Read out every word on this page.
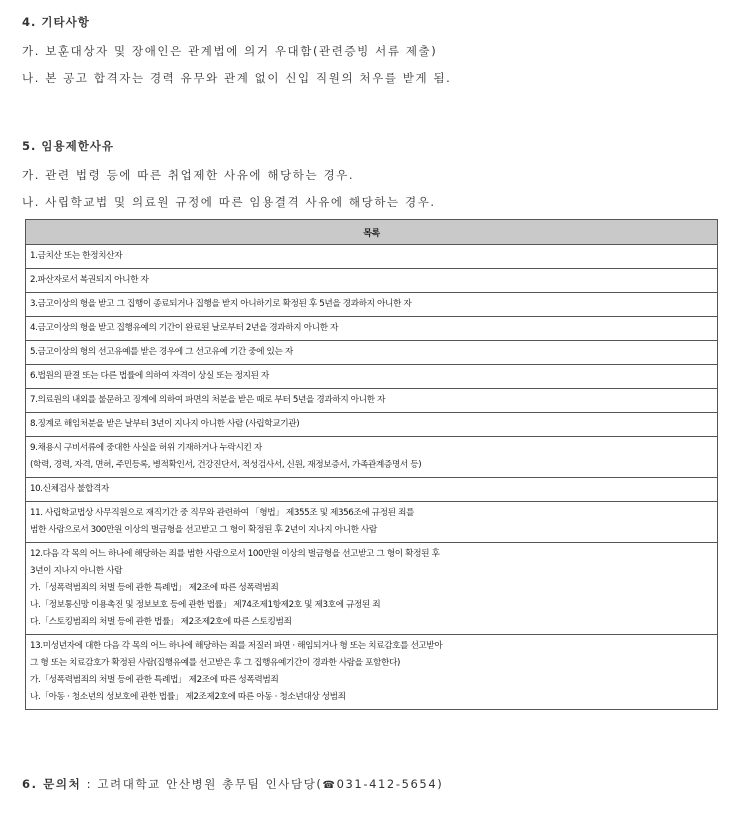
4. 기타사항
가. 보훈대상자 및 장애인은 관계법에 의거 우대함(관련증빙 서류 제출)
나. 본 공고 합격자는 경력 유무와 관계 없이 신입 직원의 처우를 받게 됨.
5. 임용제한사유
가. 관련 법령 등에 따른 취업제한 사유에 해당하는 경우.
나. 사립학교법 및 의료원 규정에 따른 임용결격 사유에 해당하는 경우.
목록

1.금치산 또는 한정치산자

2.파산자로서 복권되지 아니한 자

3.금고이상의 형을 받고 그 집행이 종료되거나 집행을 받지 아니하기로 확정된 후 5년을 경과하지 아니한 자

4.금고이상의 형을 받고 집행유예의 기간이 완료된 날로부터 2년을 경과하지 아니한 자

5.금고이상의 형의 선고유예를 받은 경우에 그 선고유예 기간 중에 있는 자

6.법원의 판결 또는 다른 법률에 의하여 자격이 상실 또는 정지된 자

7.의료원의 내외를 불문하고 징계에 의하여 파면의 처분을 받은 때로 부터 5년을 경과하지 아니한 자

8.징계로 해임처분을 받은 날부터 3년이 지나지 아니한 사람 (사립학교기관)

9.채용시 구비서류에 중대한 사실을 허위 기재하거나 누락시킨 자
(학력, 경력, 자격, 면허, 주민등록, 병적확인서, 건강진단서, 적성검사서, 신원, 재정보증서, 가족관계증명서 등)

10.신체검사 불합격자

11. 사립학교법상 사무직원으로 재직기간 중 직무와 관련하여 「형법」 제355조 및 제356조에 규정된 죄를
범한 사람으로서 300만원 이상의 벌금형을 선고받고 그 형이 확정된 후 2년이 지나지 아니한 사람

12.다음 각 목의 어느 하나에 해당하는 죄를 범한 사람으로서 100만원 이상의 벌금형을 선고받고 그 형이 확정된 후
3년이 지나지 아니한 사람
가.「성폭력범죄의 처벌 등에 관한 특례법」 제2조에 따른 성폭력범죄
나.「정보통신망 이용촉진 및 정보보호 등에 관한 법률」 제74조제1항제2호 및 제3호에 규정된 죄
다.「스토킹범죄의 처벌 등에 관한 법률」 제2조제2호에 따른 스토킹범죄

13.미성년자에 대한 다음 각 목의 어느 하나에 해당하는 죄를 저질러 파면 · 해임되거나 형 또는 치료감호를 선고받아
그 형 또는 치료감호가 확정된 사람(집행유예를 선고받은 후 그 집행유예기간이 경과한 사람을 포함한다)
가.「성폭력범죄의 처벌 등에 관한 특례법」 제2조에 따른 성폭력범죄
나.「아동 · 청소년의 성보호에 관한 법률」 제2조제2호에 따른 아동 · 청소년대상 성범죄
6. 문의처 : 고려대학교 안산병원 총무팀 인사담당(☎031-412-5654)
